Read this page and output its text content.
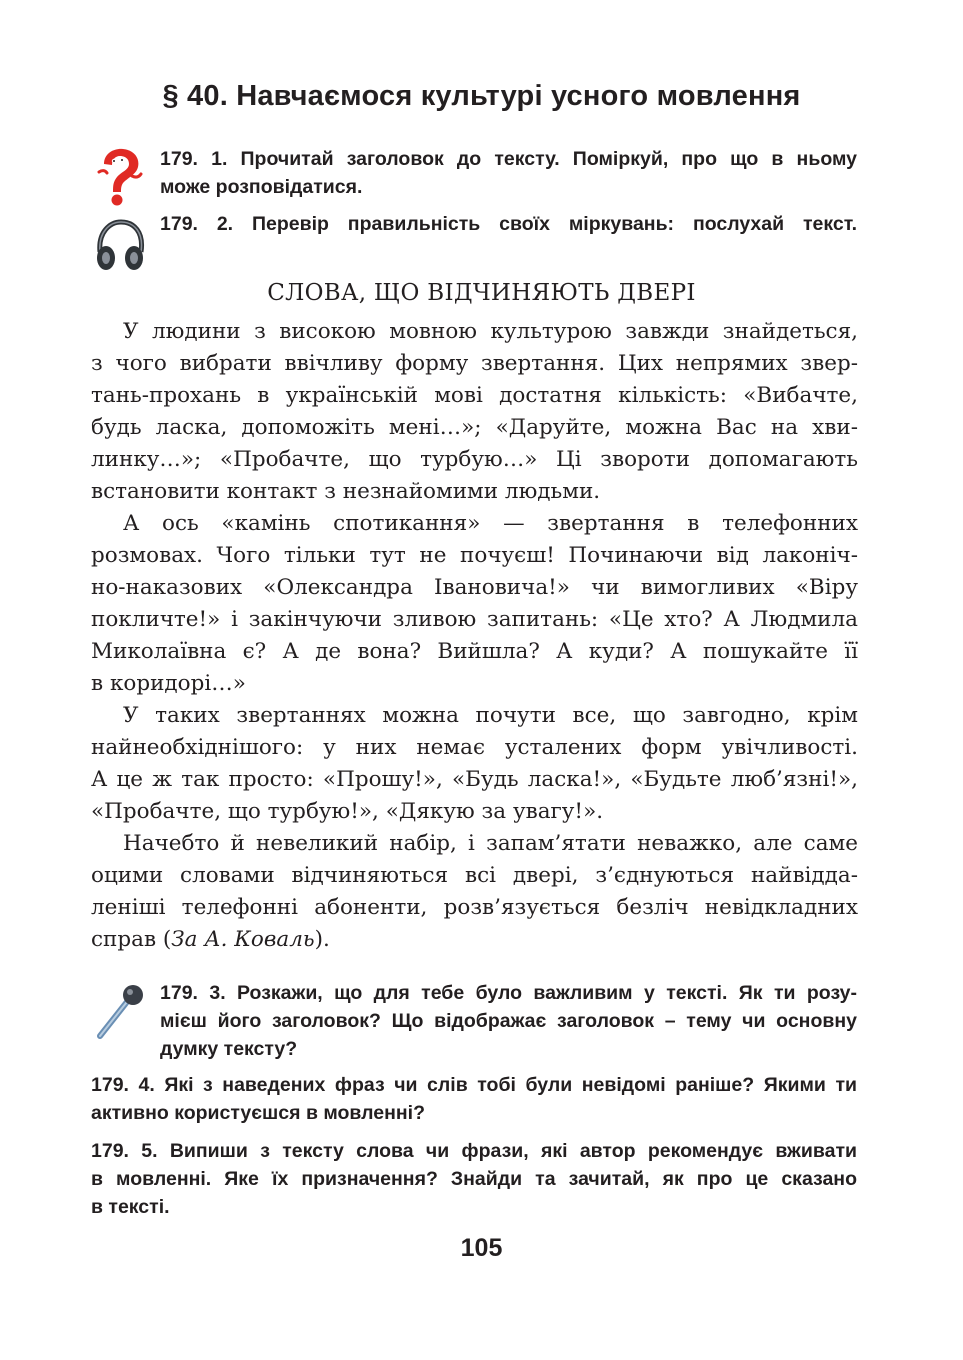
§ 40. Навчаємося культурі усного мовлення
179. 1. Прочитай заголовок до тексту. Поміркуй, про що в ньому
може розповідатися.
179. 2. Перевір правильність своїх міркувань: послухай текст.
СЛОВА, ЩО ВІДЧИНЯЮТЬ ДВЕРІ
У людини з високою мовною культурою завжди знайдеться,
з чого вибрати ввічливу форму звертання. Цих непрямих звер-
тань-прохань в українській мові достатня кількість: «Вибачте,
будь ласка, допоможіть мені…»; «Даруйте, можна Вас на хви-
линку…»; «Пробачте, що турбую…» Ці звороти допомагають
встановити контакт з незнайомими людьми.
А ось «камінь спотикання» — звертання в телефонних
розмовах. Чого тільки тут не почуєш! Починаючи від лаконіч-
но-наказових «Олександра Івановича!» чи вимогливих «Віру
покличте!» і закінчуючи зливою запитань: «Це хто? А Людмила
Миколаївна є? А де вона? Вийшла? А куди? А пошукайте її
в коридорі…»
У таких звертаннях можна почути все, що завгодно, крім
найнеобхіднішого: у них немає усталених форм увічливості.
А це ж так просто: «Прошу!», «Будь ласка!», «Будьте люб’язні!»,
«Пробачте, що турбую!», «Дякую за увагу!».
Начебто й невеликий набір, і запам’ятати неважко, але саме
оцими словами відчиняються всі двері, з’єднуються найвідда-
леніші телефонні абоненти, розв’язується безліч невідкладних
справ (За А. Коваль).
179. 3. Розкажи, що для тебе було важливим у тексті. Як ти розу-
мієш його заголовок? Що відображає заголовок – тему чи основну
думку тексту?
179. 4. Які з наведених фраз чи слів тобі були невідомі раніше? Якими ти
активно користуєшся в мовленні?
179. 5. Випиши з тексту слова чи фрази, які автор рекомендує вживати
в мовленні. Яке їх призначення? Знайди та зачитай, як про це сказано
в тексті.
105
